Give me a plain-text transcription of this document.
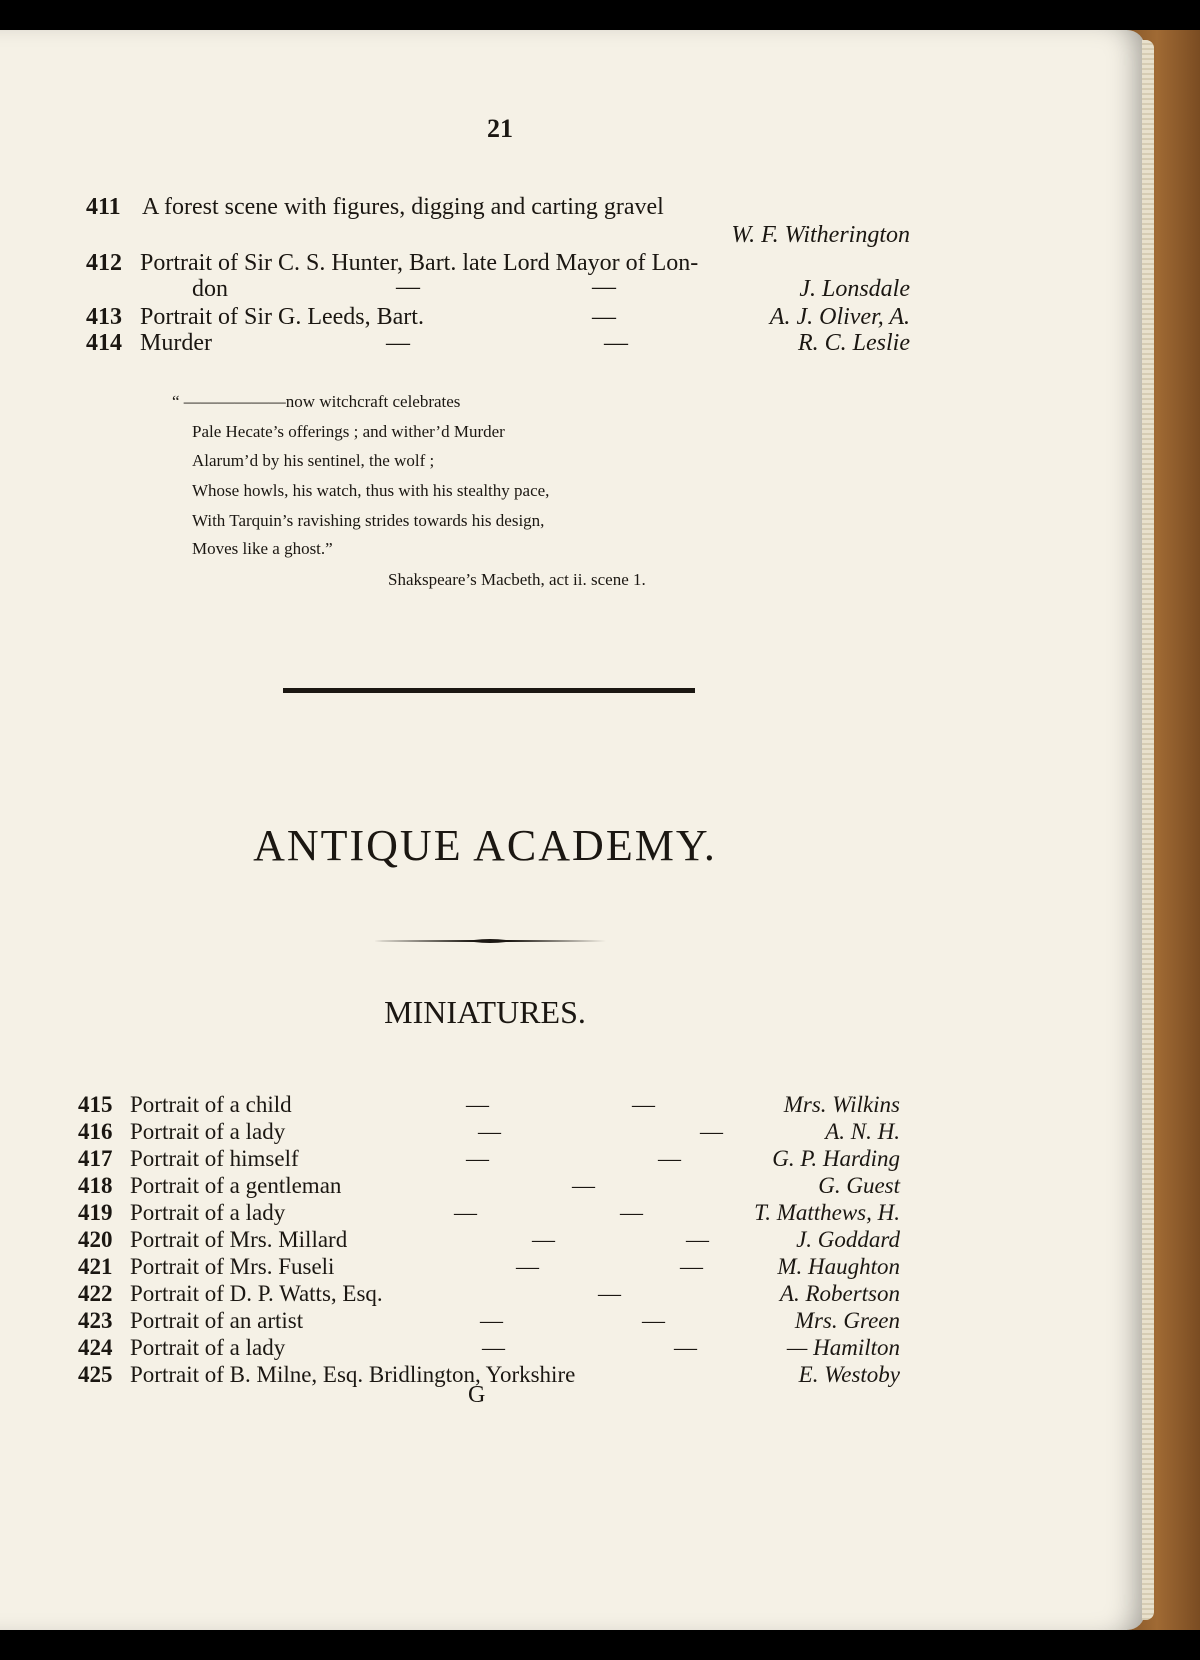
21
411 A forest scene with figures, digging and carting gravel
W. F. Witherington
412 Portrait of Sir C. S. Hunter, Bart. late Lord Mayor of Lon-
don	—	—	J. Lonsdale
413 Portrait of Sir G. Leeds, Bart.	—	A. J. Oliver, A.
414 Murder	—	—	R. C. Leslie
“ ——————now witchcraft celebrates
Pale Hecate’s offerings ; and wither’d Murder
Alarum’d by his sentinel, the wolf ;
Whose howls, his watch, thus with his stealthy pace,
With Tarquin’s ravishing strides towards his design,
Moves like a ghost.”
Shakspeare’s Macbeth, act ii. scene 1.
ANTIQUE ACADEMY.
MINIATURES.
415 Portrait of a child	—	—	Mrs. Wilkins
416 Portrait of a lady	—	—	A. N. H.
417 Portrait of himself	—	—	G. P. Harding
418 Portrait of a gentleman	—	G. Guest
419 Portrait of a lady	—	—	T. Matthews, H.
420 Portrait of Mrs. Millard	—	—	J. Goddard
421 Portrait of Mrs. Fuseli	—	—	M. Haughton
422 Portrait of D. P. Watts, Esq.	—	A. Robertson
423 Portrait of an artist	—	—	Mrs. Green
424 Portrait of a lady	—	—	— Hamilton
425 Portrait of B. Milne, Esq. Bridlington, Yorkshire	E. Westoby
G
